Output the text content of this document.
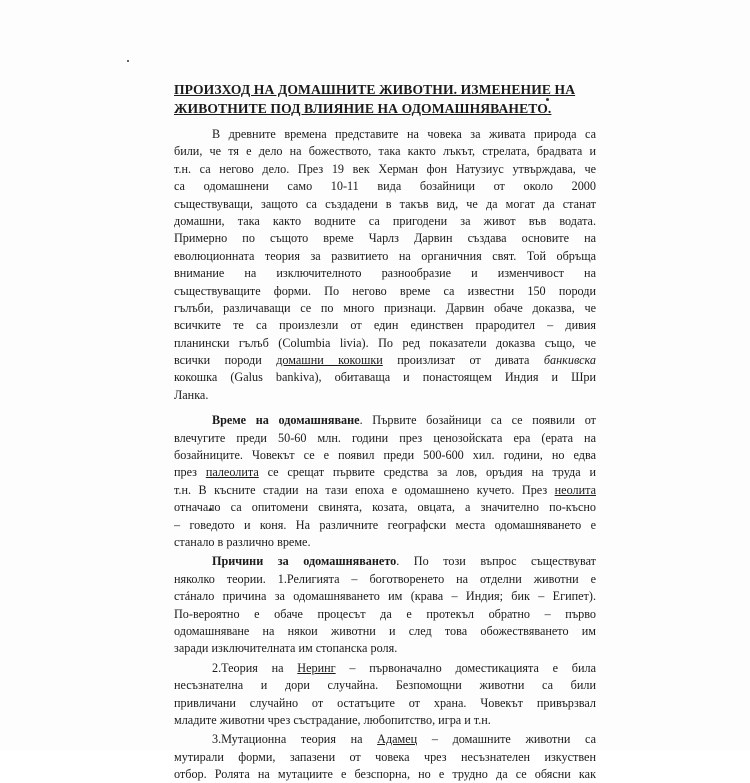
ПРОИЗХОД НА ДОМАШНИТЕ ЖИВОТНИ. ИЗМЕНЕНИЕ НА
ЖИВОТНИТЕ ПОД ВЛИЯНИЕ НА ОДОМАШНЯВАНЕТО.
В древните времена представите на човека за живата природа са
били, че тя е дело на божеството, така както лъкът, стрелата, брадвата и
т.н. са негово дело. През 19 век Херман фон Натузиус утвърждава, че
са одомашнени само 10-11 вида бозайници от около 2000
съществуващи, защото са създадени в такъв вид, че да могат да станат
домашни, така както водните са пригодени за живот във водата.
Примерно по същото време Чарлз Дарвин създава основите на
еволюционната теория за развитието на органичния свят. Той обръща
внимание на изключителното разнообразие и изменчивост на
съществуващите форми. По негово време са известни 150 породи
гълъби, различаващи се по много признаци. Дарвин обаче доказва, че
всичките те са произлезли от един единствен прародител – дивия
планински гълъб (Columbia livia). По ред показатели доказва също, че
всички породи домашни кокошки произлизат от дивата банкивска
кокошка (Galus bankiva), обитаваща и понастоящем Индия и Шри
Ланка.
Време на одомашняване. Първите бозайници са се появили от
влечугите преди 50-60 млн. години през ценозойската ера (ерата на
бозайниците. Човекът се е появил преди 500-600 хил. години, но едва
през палеолита се срещат първите средства за лов, оръдия на труда и
т.н. В късните стадии на тази епоха е одомашнено кучето. През неолита
отначало са опитомени свинята, козата, овцата, а значително по-късно
– говедото и коня. На различните географски места одомашняването е
станало в различно време.
Причини за одомашняването. По този въпрос съществуват
няколко теории. 1.Религията – боготворенето на отделни животни е
стáнало причина за одомашняването им (крава – Индия; бик – Египет).
По-вероятно е обаче процесът да е протекъл обратно – първо
одомашняване на някои животни и след това обожествяването им
заради изключителната им стопанска роля.
2.Теория на Неринг – първоначално доместикацията е била
несъзнателна и дори случайна. Безпомощни животни са били
привличани случайно от остатъците от храна. Човекът привързвал
младите животни чрез състрадание, любопитство, игра и т.н.
3.Мутационна теория на Адамец – домашните животни са
мутирали форми, запазени от човека чрез несъзнателен изкуствен
отбор. Ролята на мутациите е безспорна, но е трудно да се обясни как
